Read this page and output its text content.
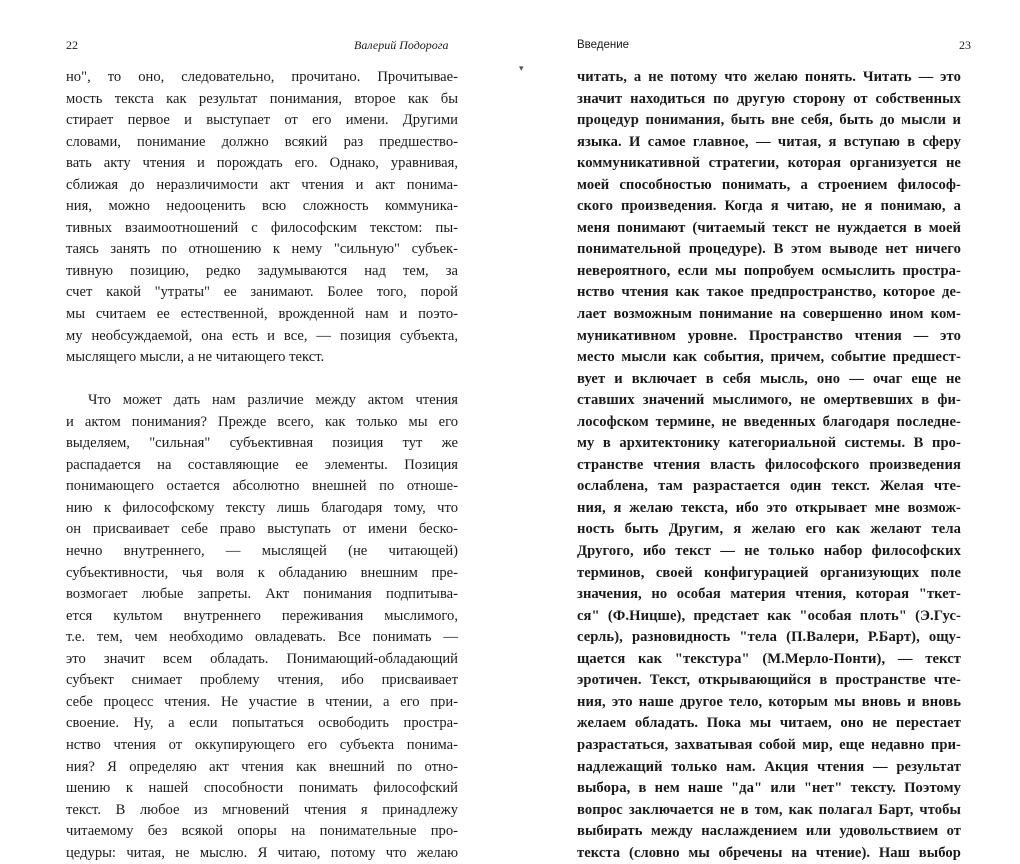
22	Валерий Подорога
но", то оно, следовательно, прочитано. Прочитывае-
мость текста как результат понимания, второе как бы
стирает первое и выступает от его имени. Другими
словами, понимание должно всякий раз предшество-
вать акту чтения и порождать его. Однако, уравнивая,
сближая до неразличимости акт чтения и акт понима-
ния, можно недооценить всю сложность коммуника-
тивных взаимоотношений с философским текстом: пы-
таясь занять по отношению к нему "сильную" субъек-
тивную позицию, редко задумываются над тем, за
счет какой "утраты" ее занимают. Более того, порой
мы считаем ее естественной, врожденной нам и поэто-
му необсуждаемой, она есть и все, — позиция субъекта,
мыслящего мысли, а не читающего текст.

Что может дать нам различие между актом чтения
и актом понимания? Прежде всего, как только мы его
выделяем, "сильная" субъективная позиция тут же
распадается на составляющие ее элементы. Позиция
понимающего остается абсолютно внешней по отноше-
нию к философскому тексту лишь благодаря тому, что
он присваивает себе право выступать от имени беско-
нечно внутреннего, — мыслящей (не читающей)
субъективности, чья воля к обладанию внешним пре-
возмогает любые запреты. Акт понимания подпитыва-
ется культом внутреннего переживания мыслимого,
т.е. тем, чем необходимо овладевать. Все понимать —
это значит всем обладать. Понимающий-обладающий
субъект снимает проблему чтения, ибо присваивает
себе процесс чтения. Не участие в чтении, а его при-
своение. Ну, а если попытаться освободить простра-
нство чтения от оккупирующего его субъекта понима-
ния? Я определяю акт чтения как внешний по отно-
шению к нашей способности понимать философский
текст. В любое из мгновений чтения я принадлежу
читаемому без всякой опоры на понимательные про-
цедуры: читая, не мыслю. Я читаю, потому что желаю
Введение	23
читать, а не потому что желаю понять. Читать — это
значит находиться по другую сторону от собственных
процедур понимания, быть вне себя, быть до мысли и
языка. И самое главное, — читая, я вступаю в сферу
коммуникативной стратегии, которая организуется не
моей способностью понимать, а строением философ-
ского произведения. Когда я читаю, не я понимаю, а
меня понимают (читаемый текст не нуждается в моей
понимательной процедуре). В этом выводе нет ничего
невероятного, если мы попробуем осмыслить простра-
нство чтения как такое предпространство, которое де-
лает возможным понимание на совершенно ином ком-
муникативном уровне. Пространство чтения — это
место мысли как события, причем, событие предшест-
вует и включает в себя мысль, оно — очаг еще не
ставших значений мыслимого, не омертвевших в фи-
лософском термине, не введенных благодаря последне-
му в архитектонику категориальной системы. В про-
странстве чтения власть философского произведения
ослаблена, там разрастается один текст. Желая чте-
ния, я желаю текста, ибо это открывает мне возмож-
ность быть Другим, я желаю его как желают тела
Другого, ибо текст — не только набор философских
терминов, своей конфигурацией организующих поле
значения, но особая материя чтения, которая "ткет-
ся" (Ф.Ницше), предстает как "особая плоть" (Э.Гус-
серль), разновидность "тела (П.Валери, Р.Барт), ощу-
щается как "текстура" (М.Мерло-Понти), — текст
эротичен. Текст, открывающийся в пространстве чте-
ния, это наше другое тело, которым мы вновь и вновь
желаем обладать. Пока мы читаем, оно не перестает
разрастаться, захватывая собой мир, еще недавно при-
надлежащий только нам. Акция чтения — результат
выбора, в нем наше "да" или "нет" тексту. Поэтому
вопрос заключается не в том, как полагал Барт, чтобы
выбирать между наслаждением или удовольствием от
текста (словно мы обречены на чтение). Наш выбор
▾
